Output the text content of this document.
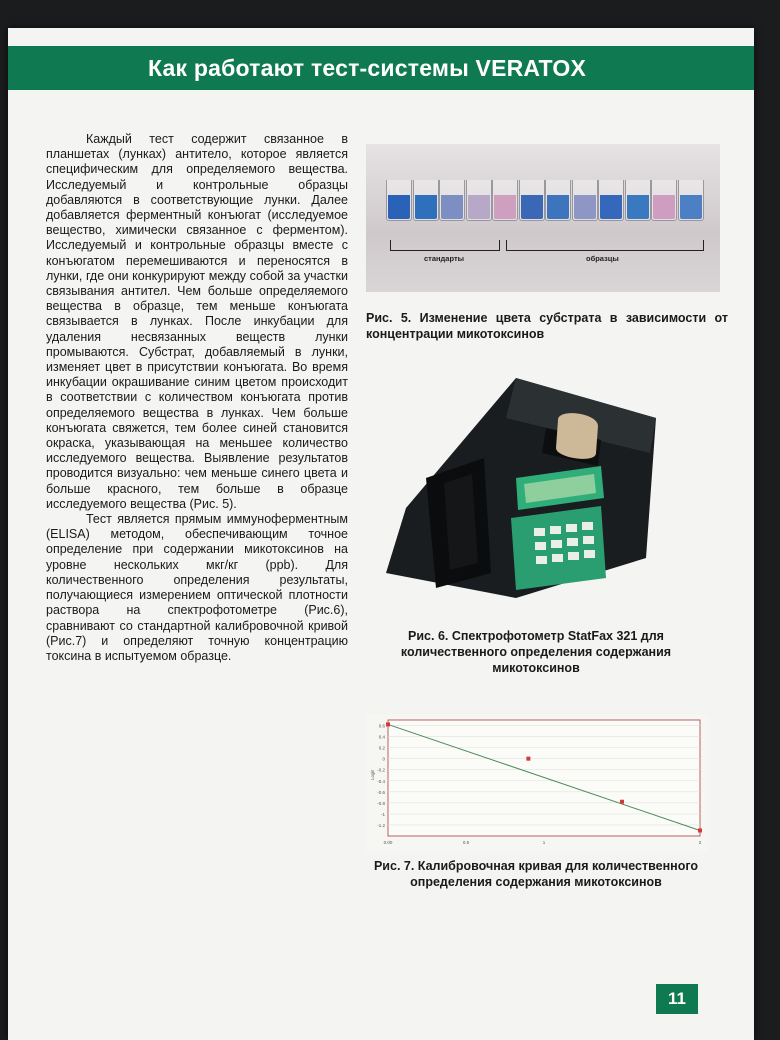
Как работают тест-системы VERATOX

Каждый тест содержит связанное в планшетах (лунках) антитело, которое является специфическим для определяемого вещества. Исследуемый и контрольные образцы добавляются в соответствующие лунки. Далее добавляется ферментный конъюгат (исследуемое вещество, химически связанное с ферментом). Исследуемый и контрольные образцы вместе с конъюгатом перемешиваются и переносятся в лунки, где они конкурируют между собой за участки связывания антител. Чем больше определяемого вещества в образце, тем меньше конъюгата связывается в лунках. После инкубации для удаления несвязанных веществ лунки промываются. Субстрат, добавляемый в лунки, изменяет цвет в присутствии конъюгата. Во время инкубации окрашивание синим цветом происходит в соответствии с количеством конъюгата против определяемого вещества в лунках. Чем больше конъюгата свяжется, тем более синей становится окраска, указывающая на меньшее количество исследуемого вещества. Выявление результатов проводится визуально: чем меньше синего цвета и больше красного, тем больше в образце исследуемого вещества (Рис. 5).

Тест является прямым иммуноферментным (ELISA) методом, обеспечивающим точное определение при содержании микотоксинов на уровне нескольких мкг/кг (ppb). Для количественного определения результаты, получающиеся измерением оптической плотности раствора на спектрофотометре (Рис.6), сравнивают со стандартной калибровочной кривой (Рис.7) и определяют точную концентрацию токсина в испытуемом образце.

стандарты	образцы
Рис. 5. Изменение цвета субстрата в зависимости от концентрации микотоксинов
Рис. 6. Спектрофотометр StatFax 321 для количественного определения содержания микотоксинов
0.6
0.4
0.2
0
-0.2
-0.4
-0.6
-0.8
-1
-1.2
Logit
0.00	0.5	1	2
Рис. 7. Калибровочная кривая для количественного определения содержания микотоксинов
11
